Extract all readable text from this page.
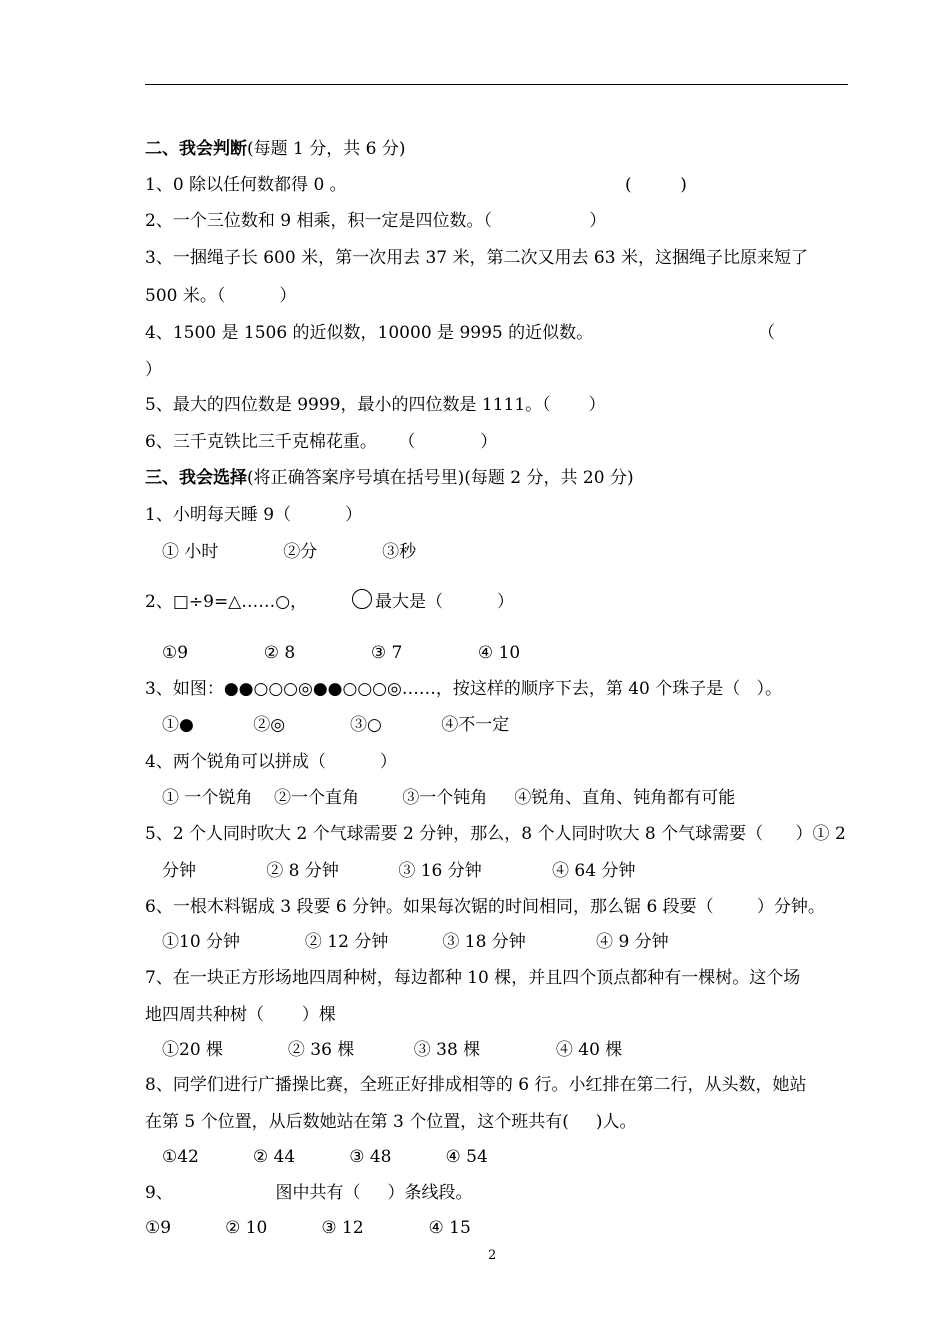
二、我会判断(每题 1 分，共 6 分)
1、0 除以任何数都得 0 。	(         )
2、一个三位数和 9 相乘，积一定是四位数。（                  ）
3、一捆绳子长 600 米，第一次用去 37 米，第二次又用去 63 米，这捆绳子比原来短了
500 米。（          ）
4、1500 是 1506 的近似数，10000 是 9995 的近似数。	（
）
5、最大的四位数是 9999，最小的四位数是 1111。（       ）
6、三千克铁比三千克棉花重。    （            ）
三、我会选择(将正确答案序号填在括号里)(每题 2 分，共 20 分)
1、小明每天睡 9（          ）
① 小时            ②分            ③秒
2、□÷9=△……○，	最大是（          ）
①9              ② 8              ③ 7              ④ 10
3、如图：●●○○○◎●●○○○◎……，按这样的顺序下去，第 40 个珠子是（   ）。
①●           ②◎            ③○           ④不一定
4、两个锐角可以拼成（          ）
① 一个锐角    ②一个直角        ③一个钝角     ④锐角、直角、钝角都有可能
5、2 个人同时吹大 2 个气球需要 2 分钟，那么，8 个人同时吹大 8 个气球需要（      ）① 2
分钟             ② 8 分钟           ③ 16 分钟             ④ 64 分钟
6、一根木料锯成 3 段要 6 分钟。如果每次锯的时间相同，那么锯 6 段要（        ）分钟。
①10 分钟            ② 12 分钟          ③ 18 分钟             ④ 9 分钟
7、在一块正方形场地四周种树，每边都种 10 棵，并且四个顶点都种有一棵树。这个场
地四周共种树（       ）棵
①20 棵            ② 36 棵           ③ 38 棵              ④ 40 棵
8、同学们进行广播操比赛，全班正好排成相等的 6 行。小红排在第二行，从头数，她站
在第 5 个位置，从后数她站在第 3 个位置，这个班共有(     )人。
①42          ② 44          ③ 48          ④ 54
9、                   图中共有（     ）条线段。
①9          ② 10          ③ 12            ④ 15
2
